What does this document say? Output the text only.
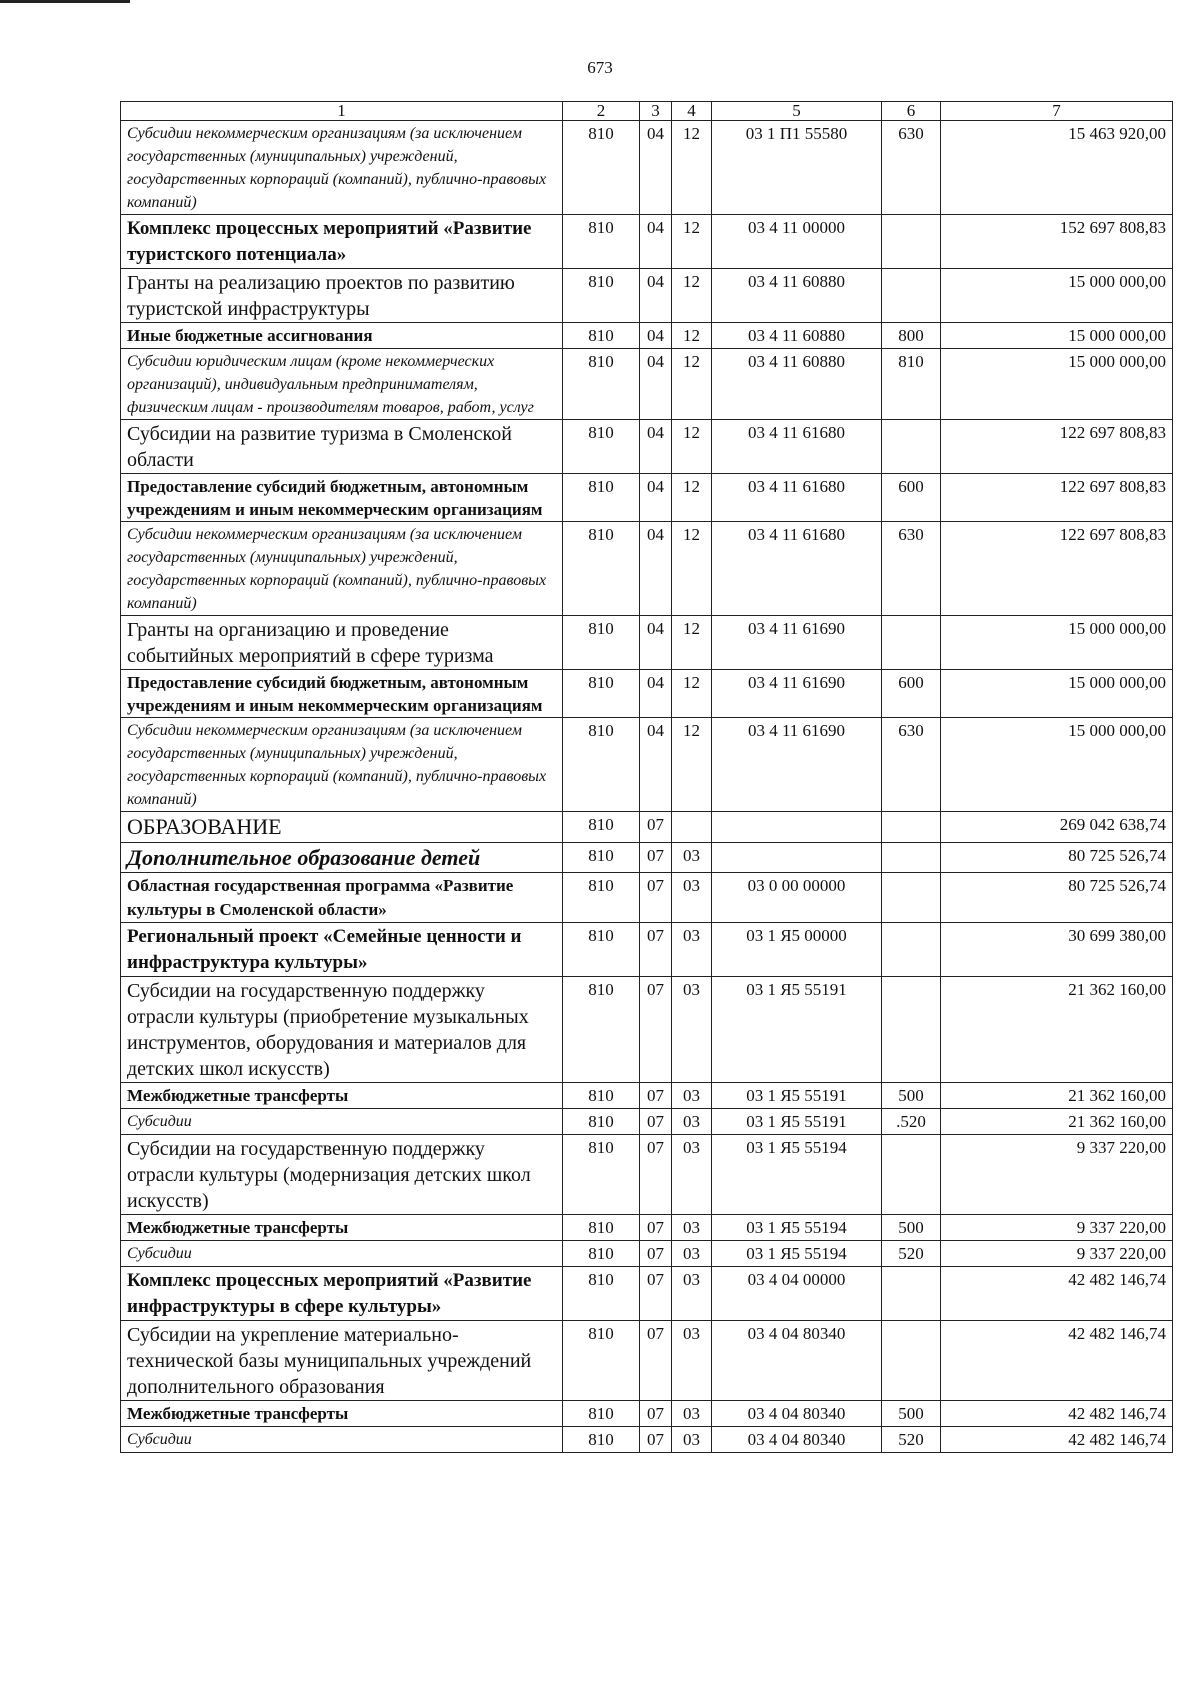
673
1	2	3	4	5	6	7
Субсидии некоммерческим организациям (за исключением государственных (муниципальных) учреждений, государственных корпораций (компаний), публично-правовых компаний)	810	04	12	03 1 П1 55580	630	15 463 920,00
Комплекс процессных мероприятий «Развитие туристского потенциала»	810	04	12	03 4 11 00000		152 697 808,83
Гранты на реализацию проектов по развитию туристской инфраструктуры	810	04	12	03 4 11 60880		15 000 000,00
Иные бюджетные ассигнования	810	04	12	03 4 11 60880	800	15 000 000,00
Субсидии юридическим лицам (кроме некоммерческих организаций), индивидуальным предпринимателям, физическим лицам - производителям товаров, работ, услуг	810	04	12	03 4 11 60880	810	15 000 000,00
Субсидии на развитие туризма в Смоленской области	810	04	12	03 4 11 61680		122 697 808,83
Предоставление субсидий бюджетным, автономным учреждениям и иным некоммерческим организациям	810	04	12	03 4 11 61680	600	122 697 808,83
Субсидии некоммерческим организациям (за исключением государственных (муниципальных) учреждений, государственных корпораций (компаний), публично-правовых компаний)	810	04	12	03 4 11 61680	630	122 697 808,83
Гранты на организацию и проведение событийных мероприятий в сфере туризма	810	04	12	03 4 11 61690		15 000 000,00
Предоставление субсидий бюджетным, автономным учреждениям и иным некоммерческим организациям	810	04	12	03 4 11 61690	600	15 000 000,00
Субсидии некоммерческим организациям (за исключением государственных (муниципальных) учреждений, государственных корпораций (компаний), публично-правовых компаний)	810	04	12	03 4 11 61690	630	15 000 000,00
ОБРАЗОВАНИЕ	810	07				269 042 638,74
Дополнительное образование детей	810	07	03			80 725 526,74
Областная государственная программа «Развитие культуры в Смоленской области»	810	07	03	03 0 00 00000		80 725 526,74
Региональный проект «Семейные ценности и инфраструктура культуры»	810	07	03	03 1 Я5 00000		30 699 380,00
Субсидии на государственную поддержку отрасли культуры (приобретение музыкальных инструментов, оборудования и материалов для детских школ искусств)	810	07	03	03 1 Я5 55191		21 362 160,00
Межбюджетные трансферты	810	07	03	03 1 Я5 55191	500	21 362 160,00
Субсидии	810	07	03	03 1 Я5 55191	.520	21 362 160,00
Субсидии на государственную поддержку отрасли культуры (модернизация детских школ искусств)	810	07	03	03 1 Я5 55194		9 337 220,00
Межбюджетные трансферты	810	07	03	03 1 Я5 55194	500	9 337 220,00
Субсидии	810	07	03	03 1 Я5 55194	520	9 337 220,00
Комплекс процессных мероприятий «Развитие инфраструктуры в сфере культуры»	810	07	03	03 4 04 00000		42 482 146,74
Субсидии на укрепление материально-технической базы муниципальных учреждений дополнительного образования	810	07	03	03 4 04 80340		42 482 146,74
Межбюджетные трансферты	810	07	03	03 4 04 80340	500	42 482 146,74
Субсидии	810	07	03	03 4 04 80340	520	42 482 146,74
